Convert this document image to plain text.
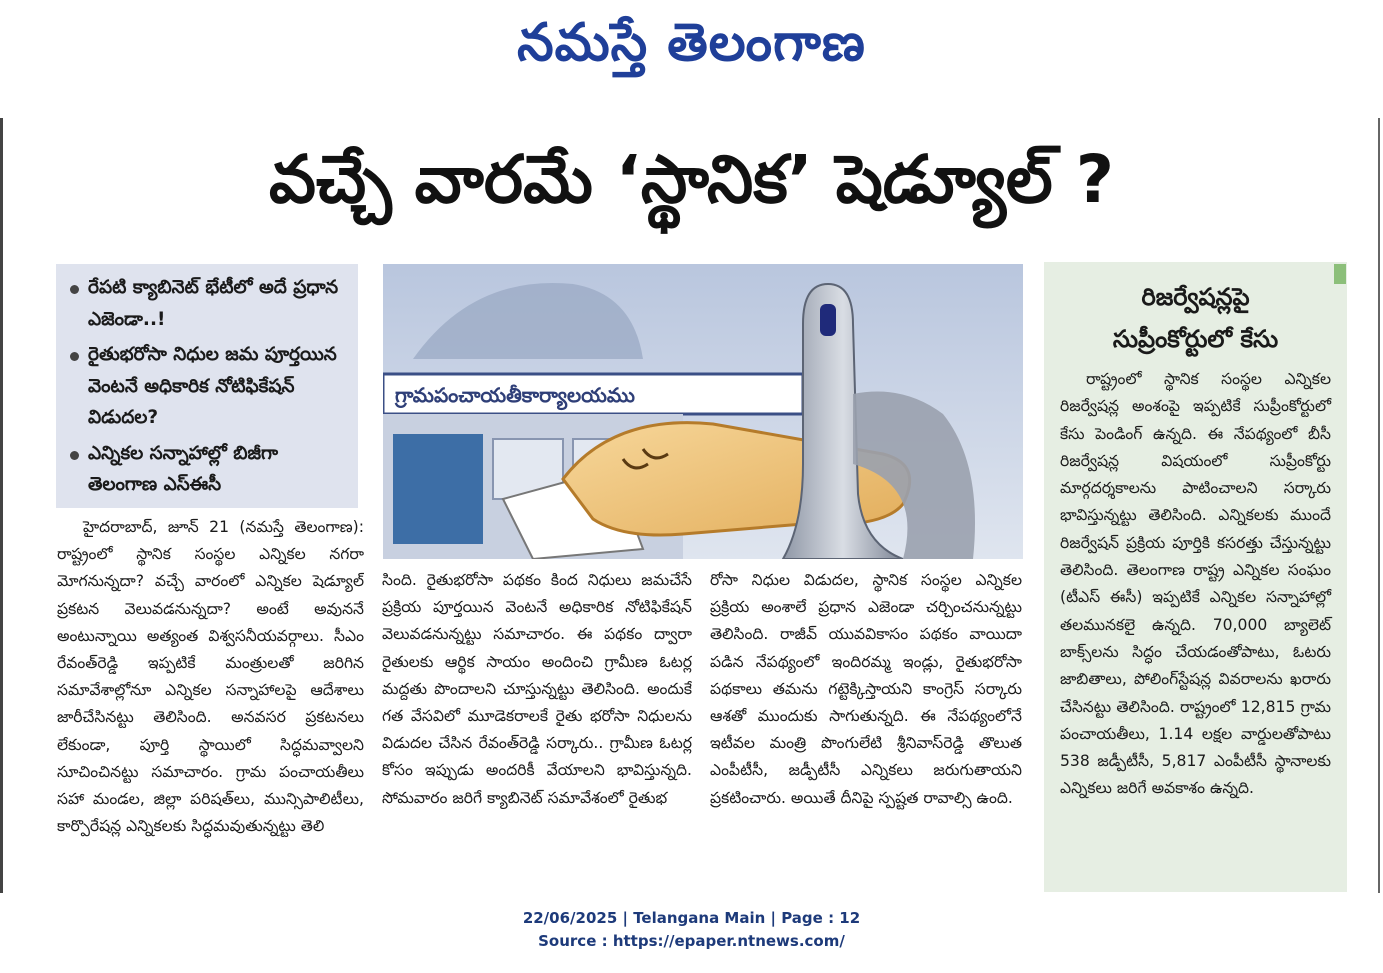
నమస్తే తెలంగాణ
వచ్చే వారమే ‘స్థానిక’ షెడ్యూల్ ?
రేపటి క్యాబినెట్ భేటీలో అదే ప్రధాన ఎజెండా..!
రైతుభరోసా నిధుల జమ పూర్తయిన వెంటనే అధికారిక నోటిఫికేషన్ విడుదల?
ఎన్నికల సన్నాహాల్లో బిజీగా తెలంగాణ ఎస్ఈసీ
గ్రామపంచాయతీకార్యాలయము

హైదరాబాద్, జూన్ 21 (నమస్తే తెలంగాణ): రాష్ట్రంలో స్థానిక సంస్థల ఎన్నికల నగరా మోగనున్నదా? వచ్చే వారంలో ఎన్నికల షెడ్యూల్ ప్రకటన వెలువడనున్నదా? అంటే అవుననే అంటున్నాయి అత్యంత విశ్వసనీయవర్గాలు. సీఎం రేవంత్‌రెడ్డి ఇప్పటికే మంత్రులతో జరిగిన సమావేశాల్లోనూ ఎన్నికల సన్నాహాలపై ఆదేశాలు జారీచేసినట్టు తెలిసింది. అనవసర ప్రకటనలు లేకుండా, పూర్తి స్థాయిలో సిద్ధమవ్వాలని సూచించినట్టు సమాచారం. గ్రామ పంచాయతీలు సహా మండల, జిల్లా పరిషత్‌లు, మున్సిపాలిటీలు, కార్పొరేషన్ల ఎన్నికలకు సిద్ధమవుతున్నట్టు తెలి

సింది. రైతుభరోసా పథకం కింద నిధులు జమచేసే ప్రక్రియ పూర్తయిన వెంటనే అధికారిక నోటిఫికేషన్ వెలువడనున్నట్టు సమాచారం. ఈ పథకం ద్వారా రైతులకు ఆర్థిక సాయం అందించి గ్రామీణ ఓటర్ల మద్దతు పొందాలని చూస్తున్నట్టు తెలిసింది. అందుకే గత వేసవిలో మూడెకరాలకే రైతు భరోసా నిధులను విడుదల చేసిన రేవంత్‌రెడ్డి సర్కారు.. గ్రామీణ ఓటర్ల కోసం ఇప్పుడు అందరికీ వేయాలని భావిస్తున్నది. సోమవారం జరిగే క్యాబినెట్ సమావేశంలో రైతుభ

రోసా నిధుల విడుదల, స్థానిక సంస్థల ఎన్నికల ప్రక్రియ అంశాలే ప్రధాన ఎజెండా చర్చించనున్నట్టు తెలిసింది. రాజీవ్ యువవికాసం పథకం వాయిదా పడిన నేపథ్యంలో ఇందిరమ్మ ఇండ్లు, రైతుభరోసా పథకాలు తమను గట్టెక్కిస్తాయని కాంగ్రెస్ సర్కారు ఆశతో ముందుకు సాగుతున్నది. ఈ నేపథ్యంలోనే ఇటీవల మంత్రి పొంగులేటి శ్రీనివాస్‌రెడ్డి తొలుత ఎంపీటీసీ, జడ్పీటీసీ ఎన్నికలు జరుగుతాయని ప్రకటించారు. అయితే దీనిపై స్పష్టత రావాల్సి ఉంది.

రిజర్వేషన్లపై
సుప్రీంకోర్టులో కేసు

రాష్ట్రంలో స్థానిక సంస్థల ఎన్నికల రిజర్వేషన్ల అంశంపై ఇప్పటికే సుప్రీంకోర్టులో కేసు పెండింగ్ ఉన్నది. ఈ నేపథ్యంలో బీసీ రిజర్వేషన్ల విషయంలో సుప్రీంకోర్టు మార్గదర్శకాలను పాటించాలని సర్కారు భావిస్తున్నట్టు తెలిసింది. ఎన్నికలకు ముందే రిజర్వేషన్ ప్రక్రియ పూర్తికి కసరత్తు చేస్తున్నట్టు తెలిసింది. తెలంగాణ రాష్ట్ర ఎన్నికల సంఘం (టీఎస్ ఈసీ) ఇప్పటికే ఎన్నికల సన్నాహాల్లో తలమునకలై ఉన్నది. 70,000 బ్యాలెట్ బాక్స్‌లను సిద్ధం చేయడంతోపాటు, ఓటరు జాబితాలు, పోలింగ్‌స్టేషన్ల వివరాలను ఖరారు చేసినట్టు తెలిసింది. రాష్ట్రంలో 12,815 గ్రామ పంచాయతీలు, 1.14 లక్షల వార్డులతోపాటు 538 జడ్పీటీసీ, 5,817 ఎంపీటీసీ స్థానాలకు ఎన్నికలు జరిగే అవకాశం ఉన్నది.

22/06/2025 | Telangana Main | Page : 12
Source : https://epaper.ntnews.com/
